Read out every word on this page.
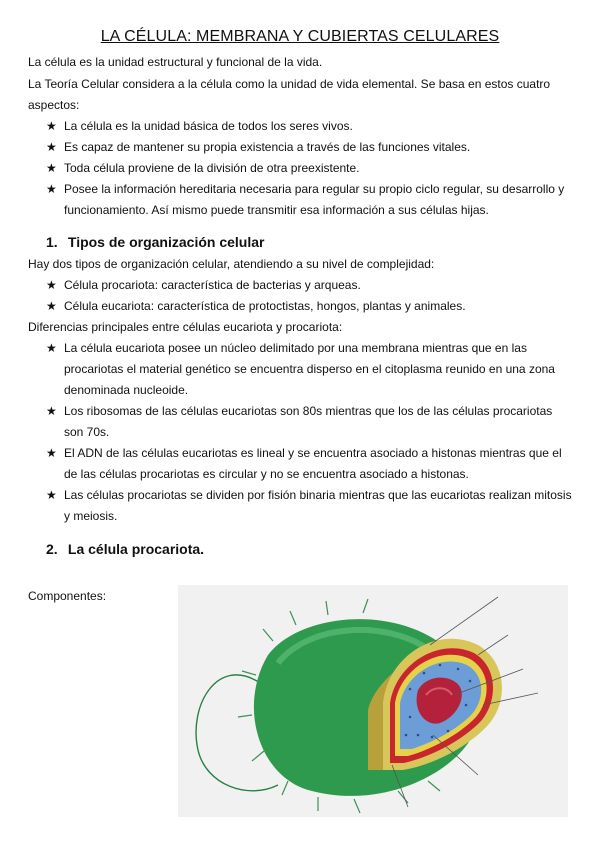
LA CÉLULA: MEMBRANA Y CUBIERTAS CELULARES
La célula es la unidad estructural y funcional de la vida.
La Teoría Celular considera a la célula como la unidad de vida elemental. Se basa en estos cuatro aspectos:
★ La célula es la unidad básica de todos los seres vivos.
★ Es capaz de mantener su propia existencia a través de las funciones vitales.
★ Toda célula proviene de la división de otra preexistente.
★ Posee la información hereditaria necesaria para regular su propio ciclo regular, su desarrollo y funcionamiento. Así mismo puede transmitir esa información a sus células hijas.
1. Tipos de organización celular
Hay dos tipos de organización celular, atendiendo a su nivel de complejidad:
★ Célula procariota: característica de bacterias y arqueas.
★ Célula eucariota: característica de protoctistas, hongos, plantas y animales.
Diferencias principales entre células eucariota y procariota:
★ La célula eucariota posee un núcleo delimitado por una membrana mientras que en las procariotas el material genético se encuentra disperso en el citoplasma reunido en una zona denominada nucleoide.
★ Los ribosomas de las células eucariotas son 80s mientras que los de las células procariotas son 70s.
★ El ADN de las células eucariotas es lineal y se encuentra asociado a histonas mientras que el de las células procariotas es circular y no se encuentra asociado a histonas.
★ Las células procariotas se dividen por fisión binaria mientras que las eucariotas realizan mitosis y meiosis.
2. La célula procariota.
Componentes:
